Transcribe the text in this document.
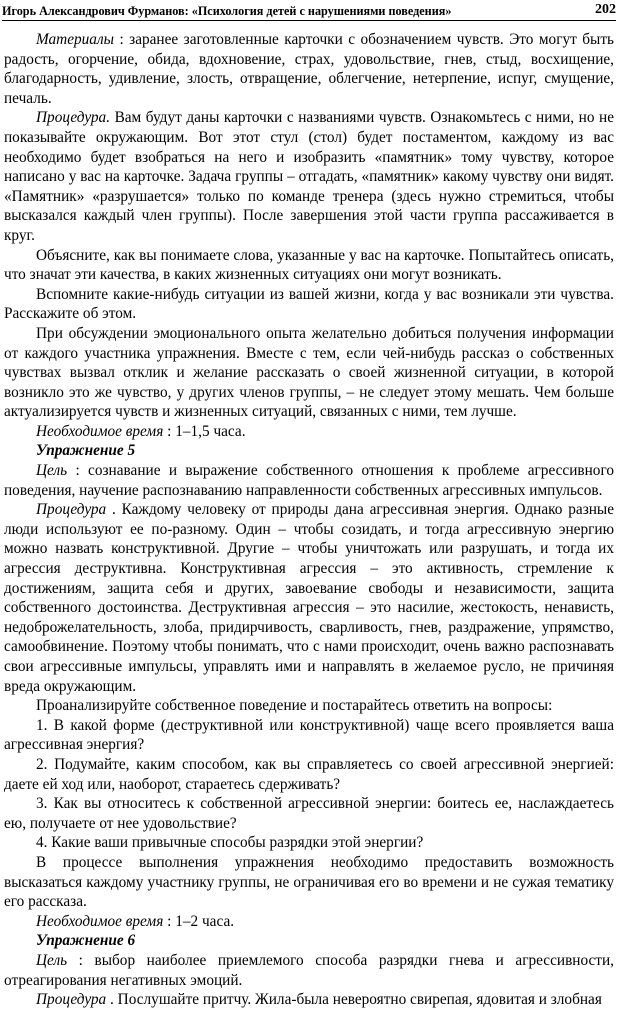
Игорь Александрович Фурманов: «Психология детей с нарушениями поведения»	202

Материалы : заранее заготовленные карточки с обозначением чувств. Это могут быть радость, огорчение, обида, вдохновение, страх, удовольствие, гнев, стыд, восхищение, благодарность, удивление, злость, отвращение, облегчение, нетерпение, испуг, смущение, печаль.

Процедура. Вам будут даны карточки с названиями чувств. Ознакомьтесь с ними, но не показывайте окружающим. Вот этот стул (стол) будет постаментом, каждому из вас необходимо будет взобраться на него и изобразить «памятник» тому чувству, которое написано у вас на карточке. Задача группы – отгадать, «памятник» какому чувству они видят. «Памятник» «разрушается» только по команде тренера (здесь нужно стремиться, чтобы высказался каждый член группы). После завершения этой части группа рассаживается в круг.

Объясните, как вы понимаете слова, указанные у вас на карточке. Попытайтесь описать, что значат эти качества, в каких жизненных ситуациях они могут возникать.

Вспомните какие-нибудь ситуации из вашей жизни, когда у вас возникали эти чувства. Расскажите об этом.

При обсуждении эмоционального опыта желательно добиться получения информации от каждого участника упражнения. Вместе с тем, если чей-нибудь рассказ о собственных чувствах вызвал отклик и желание рассказать о своей жизненной ситуации, в которой возникло это же чувство, у других членов группы, – не следует этому мешать. Чем больше актуализируется чувств и жизненных ситуаций, связанных с ними, тем лучше.

Необходимое время : 1–1,5 часа.

Упражнение 5

Цель : сознавание и выражение собственного отношения к проблеме агрессивного поведения, научение распознаванию направленности собственных агрессивных импульсов.

Процедура . Каждому человеку от природы дана агрессивная энергия. Однако разные люди используют ее по-разному. Один – чтобы созидать, и тогда агрессивную энергию можно назвать конструктивной. Другие – чтобы уничтожать или разрушать, и тогда их агрессия деструктивна. Конструктивная агрессия – это активность, стремление к достижениям, защита себя и других, завоевание свободы и независимости, защита собственного достоинства. Деструктивная агрессия – это насилие, жестокость, ненависть, недоброжелательность, злоба, придирчивость, сварливость, гнев, раздражение, упрямство, самообвинение. Поэтому чтобы понимать, что с нами происходит, очень важно распознавать свои агрессивные импульсы, управлять ими и направлять в желаемое русло, не причиняя вреда окружающим.

Проанализируйте собственное поведение и постарайтесь ответить на вопросы:

1. В какой форме (деструктивной или конструктивной) чаще всего проявляется ваша агрессивная энергия?

2. Подумайте, каким способом, как вы справляетесь со своей агрессивной энергией: даете ей ход или, наоборот, стараетесь сдерживать?

3. Как вы относитесь к собственной агрессивной энергии: боитесь ее, наслаждаетесь ею, получаете от нее удовольствие?

4. Какие ваши привычные способы разрядки этой энергии?

В процессе выполнения упражнения необходимо предоставить возможность высказаться каждому участнику группы, не ограничивая его во времени и не сужая тематику его рассказа.

Необходимое время : 1–2 часа.

Упражнение 6

Цель : выбор наиболее приемлемого способа разрядки гнева и агрессивности, отреагирования негативных эмоций.

Процедура . Послушайте притчу. Жила-была невероятно свирепая, ядовитая и злобная
